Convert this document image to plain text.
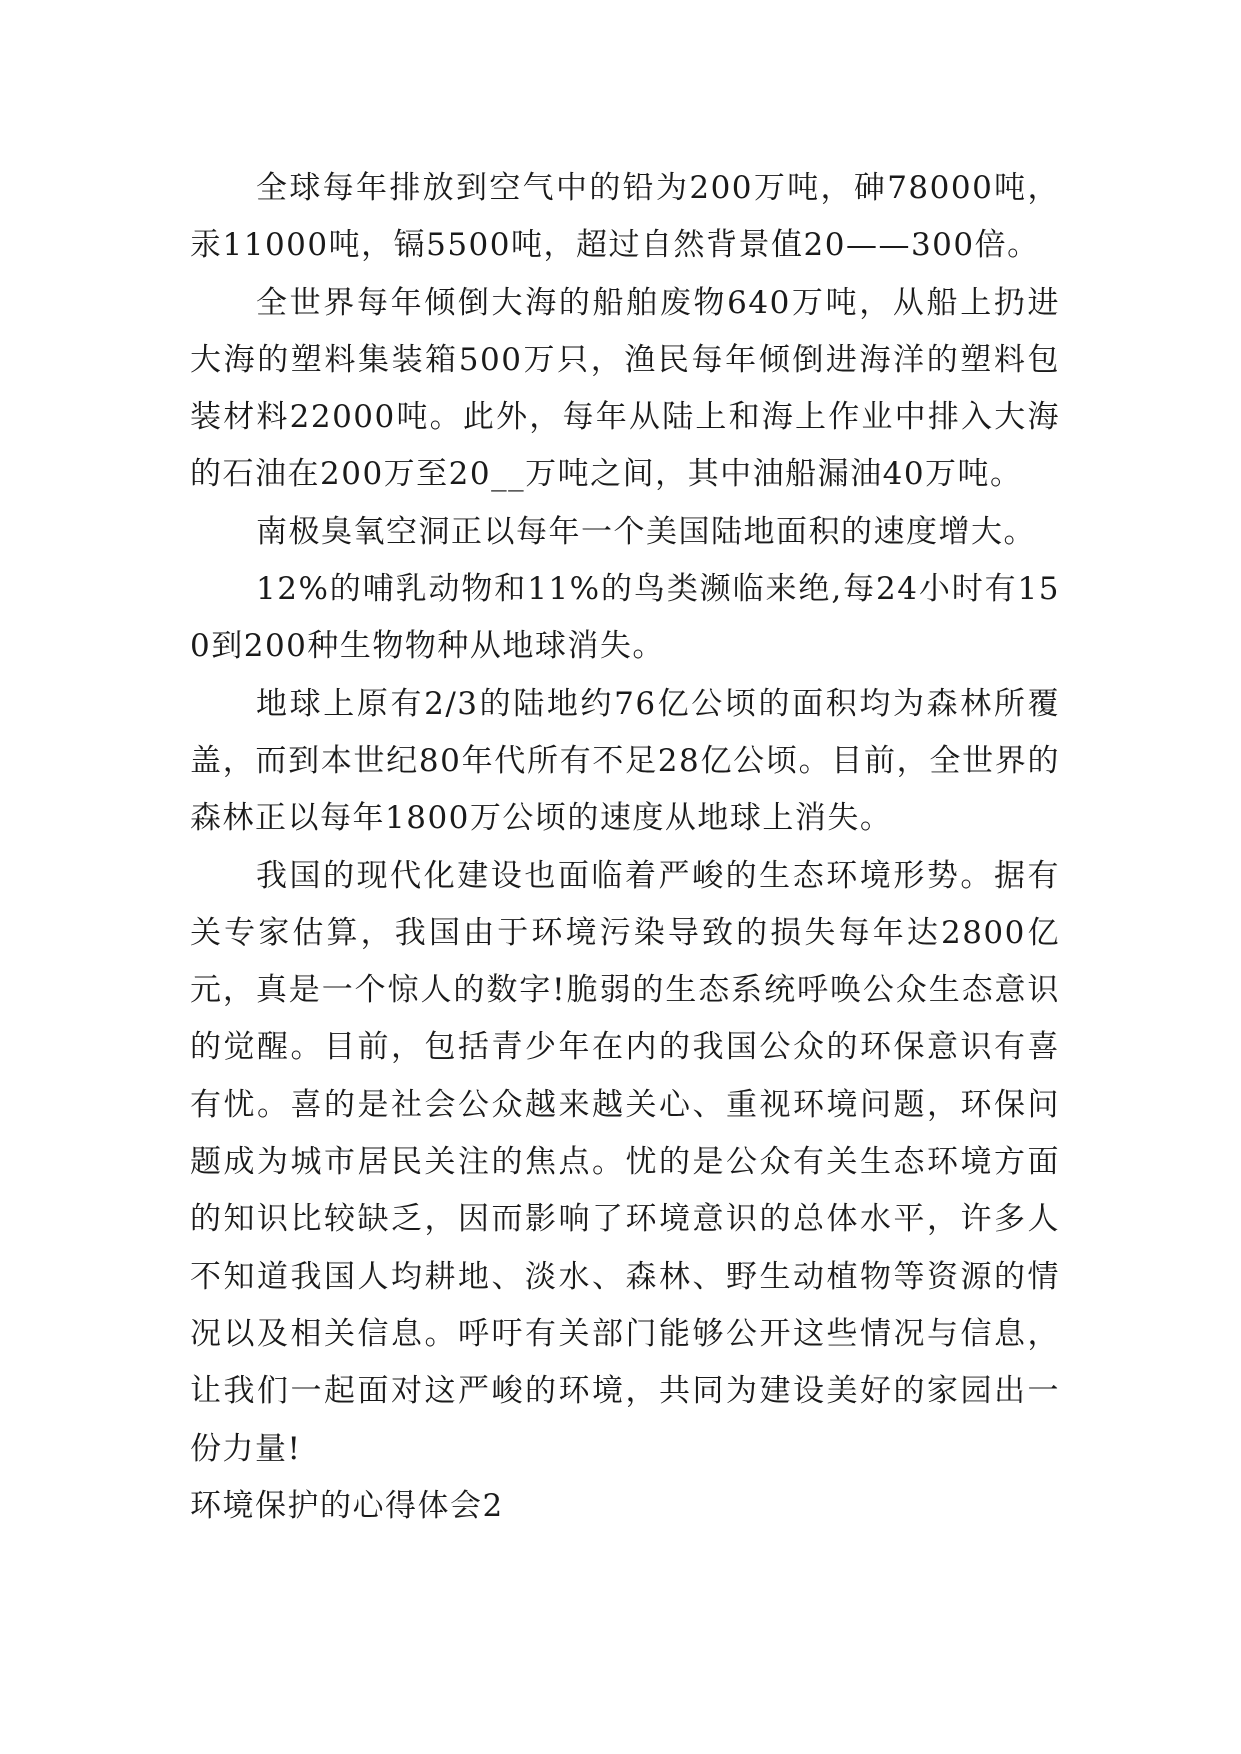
全球每年排放到空气中的铅为200万吨，砷78000吨，汞11000吨，镉5500吨，超过自然背景值20——300倍。

全世界每年倾倒大海的船舶废物640万吨，从船上扔进大海的塑料集装箱500万只，渔民每年倾倒进海洋的塑料包装材料22000吨。此外，每年从陆上和海上作业中排入大海的石油在200万至20__万吨之间，其中油船漏油40万吨。

南极臭氧空洞正以每年一个美国陆地面积的速度增大。

12%的哺乳动物和11%的鸟类濒临来绝,每24小时有150到200种生物物种从地球消失。

地球上原有2/3的陆地约76亿公顷的面积均为森林所覆盖，而到本世纪80年代所有不足28亿公顷。目前，全世界的森林正以每年1800万公顷的速度从地球上消失。

我国的现代化建设也面临着严峻的生态环境形势。据有关专家估算，我国由于环境污染导致的损失每年达2800亿元，真是一个惊人的数字!脆弱的生态系统呼唤公众生态意识的觉醒。目前，包括青少年在内的我国公众的环保意识有喜有忧。喜的是社会公众越来越关心、重视环境问题，环保问题成为城市居民关注的焦点。忧的是公众有关生态环境方面的知识比较缺乏，因而影响了环境意识的总体水平，许多人不知道我国人均耕地、淡水、森林、野生动植物等资源的情况以及相关信息。呼吁有关部门能够公开这些情况与信息，让我们一起面对这严峻的环境，共同为建设美好的家园出一份力量!

环境保护的心得体会2
